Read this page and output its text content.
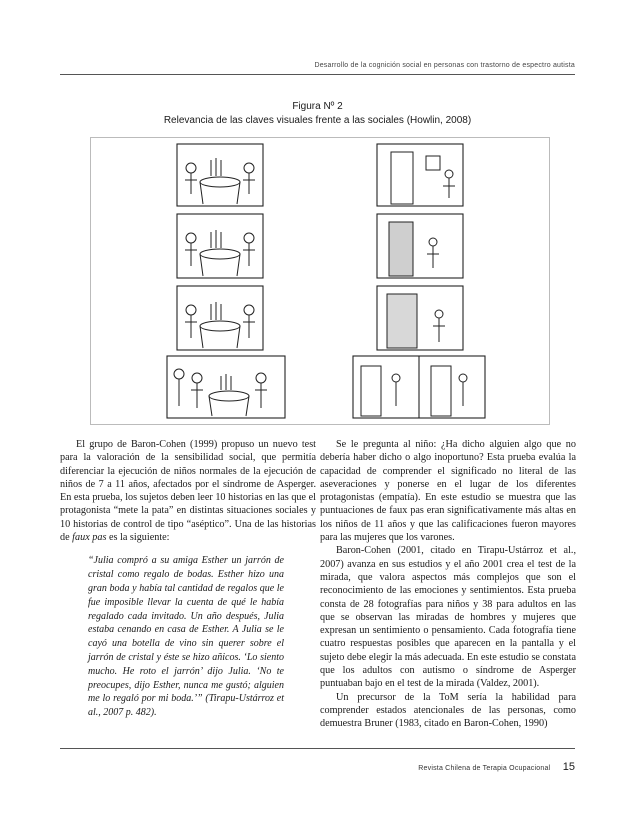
Desarrollo de la cognición social en personas con trastorno de espectro autista
Figura Nº 2
Relevancia de las claves visuales frente a las sociales (Howlin, 2008)

El grupo de Baron-Cohen (1999) propuso un nuevo test para la valoración de la sensibilidad social, que permitía diferenciar la ejecución de niños normales de la ejecución de niños de 7 a 11 años, afectados por el síndrome de Asperger. En esta prueba, los sujetos deben leer 10 historias en las que el protagonista “mete la pata” en distintas situaciones sociales y 10 historias de control de tipo “aséptico”. Una de las historias de faux pas es la siguiente:

“Julia compró a su amiga Esther un jarrón de cristal como regalo de bodas. Esther hizo una gran boda y había tal cantidad de regalos que le fue imposible llevar la cuenta de qué le había regalado cada invitado. Un año después, Julia estaba cenando en casa de Esther. A Julia se le cayó una botella de vino sin querer sobre el jarrón de cristal y éste se hizo añicos. ‘Lo siento mucho. He roto el jarrón’ dijo Julia. ‘No te preocupes, dijo Esther, nunca me gustó; alguien me lo regaló por mi boda.’” (Tirapu-Ustárroz et al., 2007 p. 482).

Se le pregunta al niño: ¿Ha dicho alguien algo que no debería haber dicho o algo inoportuno? Esta prueba evalúa la capacidad de comprender el significado no literal de las aseveraciones y ponerse en el lugar de los diferentes protagonistas (empatía). En este estudio se muestra que las puntuaciones de faux pas eran significativamente más altas en los niños de 11 años y que las calificaciones fueron mayores para las mujeres que los varones.

Baron-Cohen (2001, citado en Tirapu-Ustárroz et al., 2007) avanza en sus estudios y el año 2001 crea el test de la mirada, que valora aspectos más complejos que son el reconocimiento de las emociones y sentimientos. Esta prueba consta de 28 fotografías para niños y 38 para adultos en las que se observan las miradas de hombres y mujeres que expresan un sentimiento o pensamiento. Cada fotografía tiene cuatro respuestas posibles que aparecen en la pantalla y el sujeto debe elegir la más adecuada. En este estudio se constata que los adultos con autismo o síndrome de Asperger puntuaban bajo en el test de la mirada (Valdez, 2001).

Un precursor de la ToM sería la habilidad para comprender estados atencionales de las personas, como demuestra Bruner (1983, citado en Baron-Cohen, 1990)

Revista Chilena de Terapia Ocupacional 15
